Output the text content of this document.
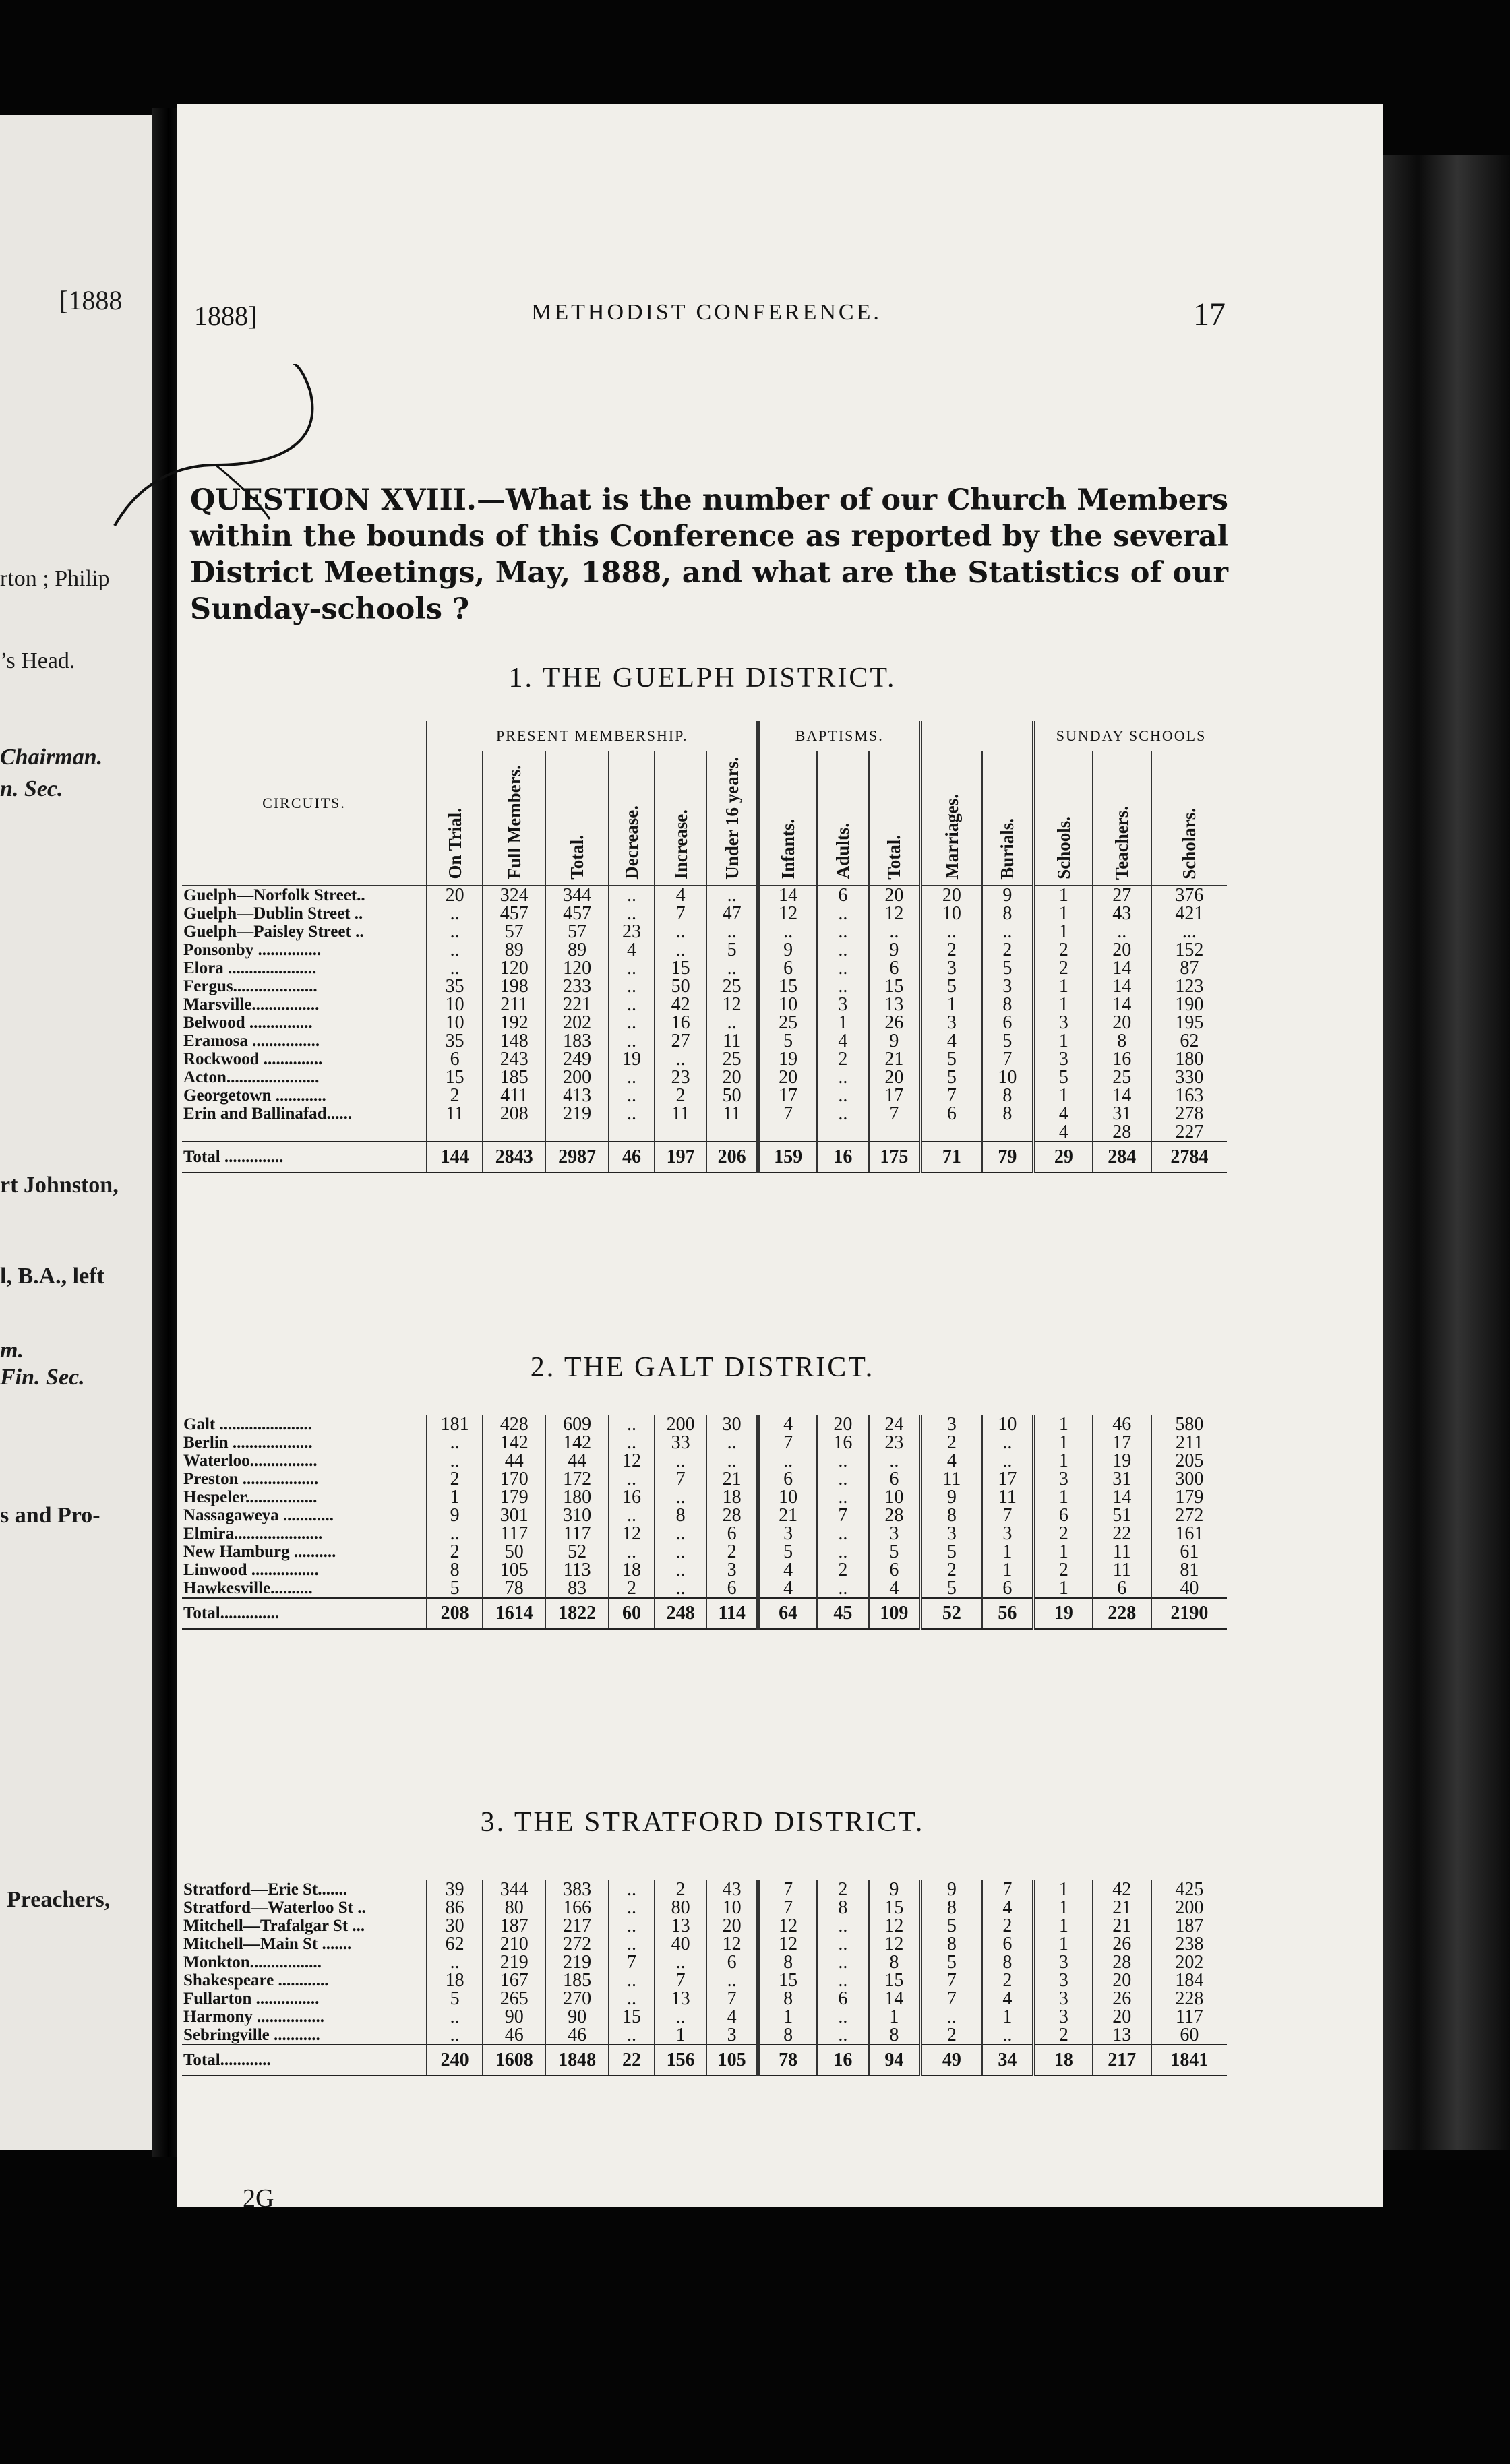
[1888
rton ; Philip
’s Head.
Chairman.
n. Sec.
rt Johnston,
l, B.A., left
m.
Fin. Sec.
s and Pro-
Preachers,
1888]	METHODIST CONFERENCE.	17
QUESTION XVIII.—What is the number of our Church Members within the bounds of this Conference as reported by the several District Meetings, May, 1888, and what are the Statistics of our Sunday-schools ?
1. THE GUELPH DISTRICT.
2. THE GALT DISTRICT.
3. THE STRATFORD DISTRICT.
CIRCUITS.	PRESENT MEMBERSHIP.						BAPTISMS.					SUNDAY SCHOOLS		
	On Trial.	Full Members.	Total.	Decrease.	Increase.	Under 16 years.	Infants.	Adults.	Total.	Marriages.	Burials.	Schools.	Teachers.	Scholars.
Guelph—Norfolk Street..	20	324	344	..	4	..	14	6	20	20	9	1	27	376
Guelph—Dublin Street ..	..	457	457	..	7	47	12	..	12	10	8	1	43	421
Guelph—Paisley Street ..	..	57	57	23	..	..	..	..	..	..	..	1	..	...
Ponsonby ...............	..	89	89	4	..	5	9	..	9	2	2	2	20	152
Elora .....................	..	120	120	..	15	..	6	..	6	3	5	2	14	87
Fergus....................	35	198	233	..	50	25	15	..	15	5	3	1	14	123
Marsville................	10	211	221	..	42	12	10	3	13	1	8	1	14	190
Belwood ...............	10	192	202	..	16	..	25	1	26	3	6	3	20	195
Eramosa ................	35	148	183	..	27	11	5	4	9	4	5	1	8	62
Rockwood ..............	6	243	249	19	..	25	19	2	21	5	7	3	16	180
Acton......................	15	185	200	..	23	20	20	..	20	5	10	5	25	330
Georgetown ............	2	411	413	..	2	50	17	..	17	7	8	1	14	163
Erin and Ballinafad......	11	208	219	..	11	11	7	..	7	6	8	4	31	278
												4	28	227
Total ..............	144	2843	2987	46	197	206	159	16	175	71	79	29	284	2784
Galt ......................	181	428	609	..	200	30	4	20	24	3	10	1	46	580
Berlin ...................	..	142	142	..	33	..	7	16	23	2	..	1	17	211
Waterloo................	..	44	44	12	..	..	..	..	..	4	..	1	19	205
Preston ..................	2	170	172	..	7	21	6	..	6	11	17	3	31	300
Hespeler.................	1	179	180	16	..	18	10	..	10	9	11	1	14	179
Nassagaweya ............	9	301	310	..	8	28	21	7	28	8	7	6	51	272
Elmira.....................	..	117	117	12	..	6	3	..	3	3	3	2	22	161
New Hamburg ..........	2	50	52	..	..	2	5	..	5	5	1	1	11	61
Linwood ................	8	105	113	18	..	3	4	2	6	2	1	2	11	81
Hawkesville..........	5	78	83	2	..	6	4	..	4	5	6	1	6	40
Total..............	208	1614	1822	60	248	114	64	45	109	52	56	19	228	2190
Stratford—Erie St.......	39	344	383	..	2	43	7	2	9	9	7	1	42	425
Stratford—Waterloo St ..	86	80	166	..	80	10	7	8	15	8	4	1	21	200
Mitchell—Trafalgar St ...	30	187	217	..	13	20	12	..	12	5	2	1	21	187
Mitchell—Main St .......	62	210	272	..	40	12	12	..	12	8	6	1	26	238
Monkton.................	..	219	219	7	..	6	8	..	8	5	8	3	28	202
Shakespeare ............	18	167	185	..	7	..	15	..	15	7	2	3	20	184
Fullarton ...............	5	265	270	..	13	7	8	6	14	7	4	3	26	228
Harmony ................	..	90	90	15	..	4	1	..	1	..	1	3	20	117
Sebringville ...........	..	46	46	..	1	3	8	..	8	2	..	2	13	60
Total............	240	1608	1848	22	156	105	78	16	94	49	34	18	217	1841
2G
